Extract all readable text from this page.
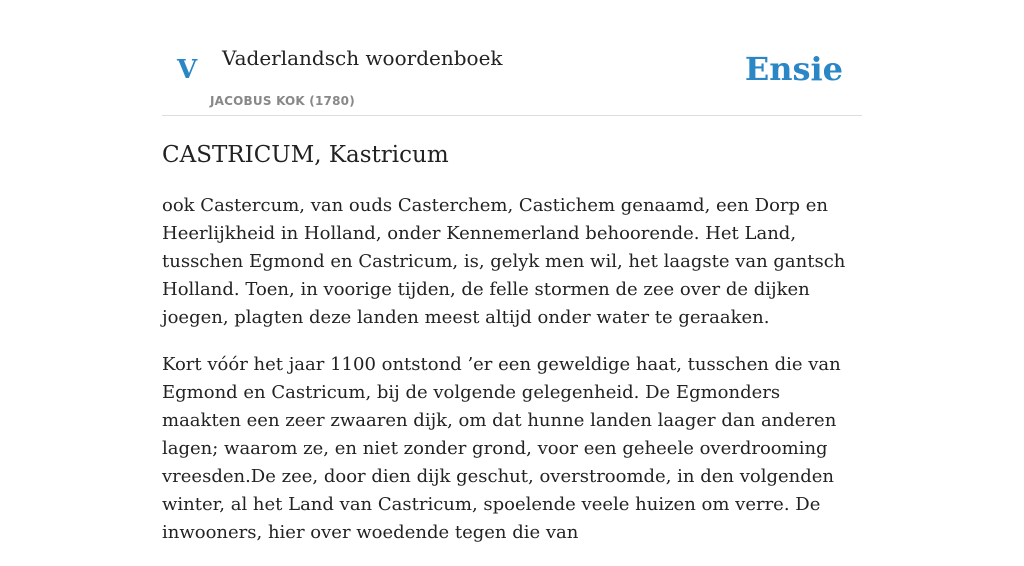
V Vaderlandsch woordenboek
JACOBUS KOK (1780)
Ensie
CASTRICUM, Kastricum

ook Castercum, van ouds Casterchem, Castichem genaamd, een Dorp en Heerlijkheid in Holland, onder Kennemerland behoorende. Het Land, tusschen Egmond en Castricum, is, gelyk men wil, het laagste van gantsch Holland. Toen, in voorige tijden, de felle stormen de zee over de dijken joegen, plagten deze landen meest altijd onder water te geraaken.

Kort vóór het jaar 1100 ontstond ’er een geweldige haat, tusschen die van Egmond en Castricum, bij de volgende gelegenheid. De Egmonders maakten een zeer zwaaren dijk, om dat hunne landen laager dan anderen lagen; waarom ze, en niet zonder grond, voor een geheele overdrooming vreesden.De zee, door dien dijk geschut, overstroomde, in den volgenden winter, al het Land van Castricum, spoelende veele huizen om verre. De inwooners, hier over woedende tegen die van
